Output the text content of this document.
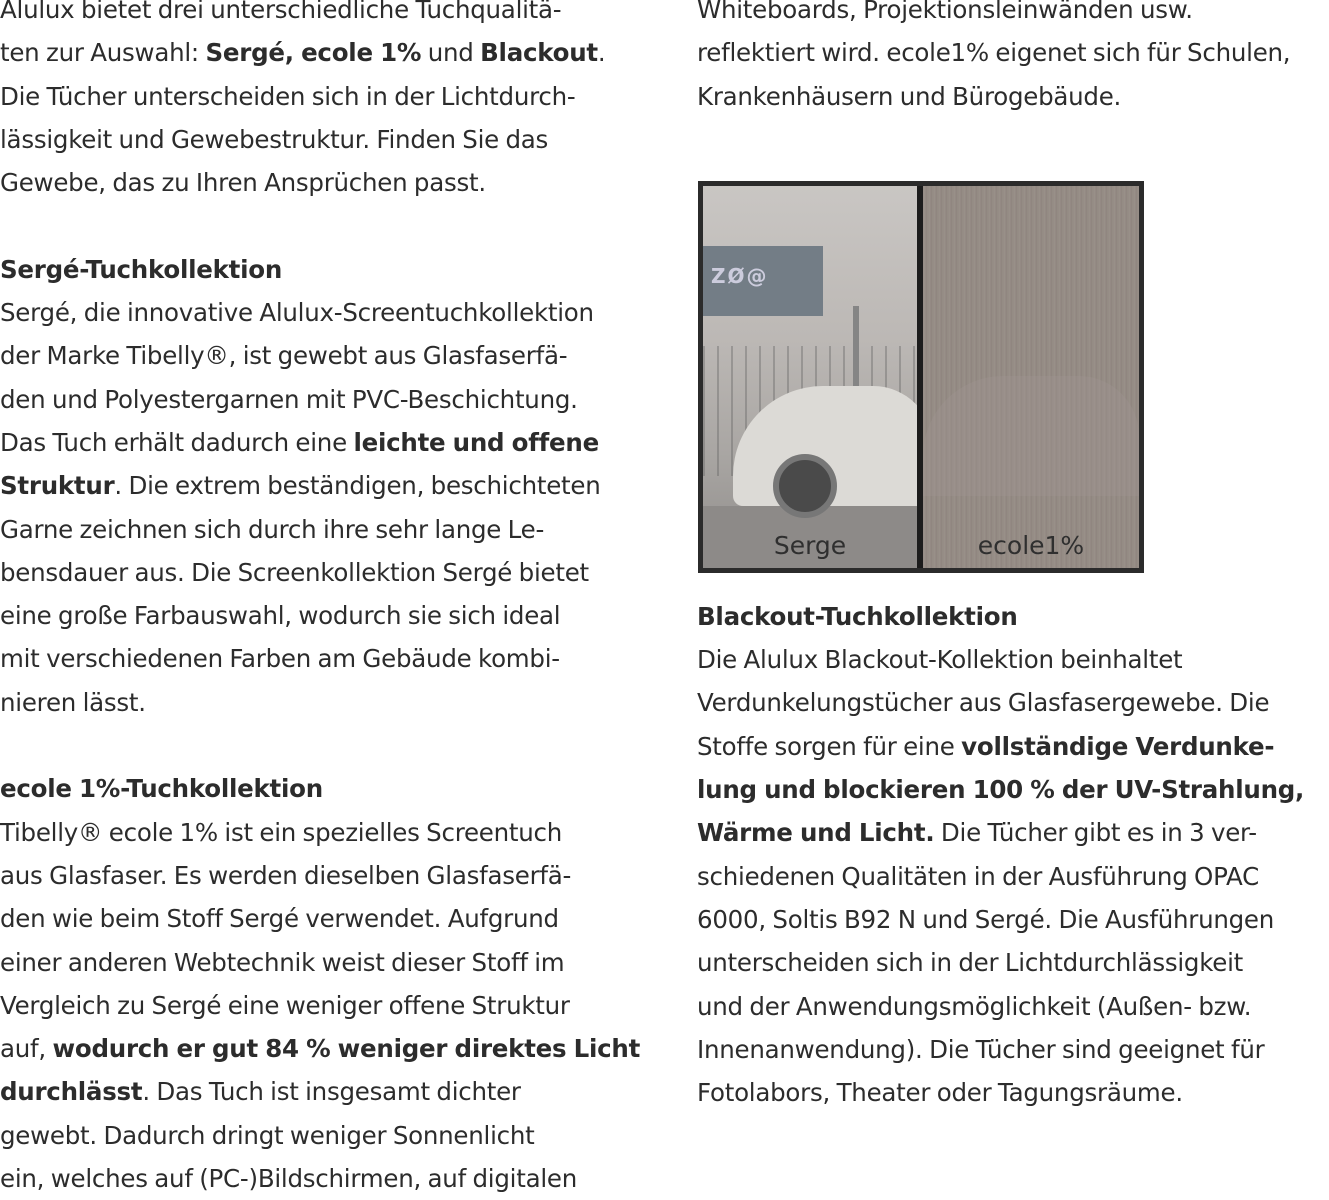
Alulux bietet drei unterschiedliche Tuchqualitä-
ten zur Auswahl: Sergé, ecole 1% und Blackout.
Die Tücher unterscheiden sich in der Lichtdurch-
lässigkeit und Gewebestruktur. Finden Sie das
Gewebe, das zu Ihren Ansprüchen passt.
Sergé-Tuchkollektion
Sergé, die innovative Alulux-Screentuchkollektion
der Marke Tibelly®, ist gewebt aus Glasfaserfä-
den und Polyestergarnen mit PVC-Beschichtung.
Das Tuch erhält dadurch eine leichte und offene
Struktur. Die extrem beständigen, beschichteten
Garne zeichnen sich durch ihre sehr lange Le-
bensdauer aus. Die Screenkollektion Sergé bietet
eine große Farbauswahl, wodurch sie sich ideal
mit verschiedenen Farben am Gebäude kombi-
nieren lässt.
ecole 1%-Tuchkollektion
Tibelly® ecole 1% ist ein spezielles Screentuch
aus Glasfaser. Es werden dieselben Glasfaserfä-
den wie beim Stoff Sergé verwendet. Aufgrund
einer anderen Webtechnik weist dieser Stoff im
Vergleich zu Sergé eine weniger offene Struktur
auf, wodurch er gut 84 % weniger direktes Licht
durchlässt. Das Tuch ist insgesamt dichter
gewebt. Dadurch dringt weniger Sonnenlicht
ein, welches auf (PC-)Bildschirmen, auf digitalen
Whiteboards, Projektionsleinwänden usw.
reflektiert wird. ecole1% eigenet sich für Schulen,
Krankenhäusern und Bürogebäude.
ZØ@
Serge	ecole1%
Blackout-Tuchkollektion
Die Alulux Blackout-Kollektion beinhaltet
Verdunkelungstücher aus Glasfasergewebe. Die
Stoffe sorgen für eine vollständige Verdunke-
lung und blockieren 100 % der UV-Strahlung,
Wärme und Licht. Die Tücher gibt es in 3 ver-
schiedenen Qualitäten in der Ausführung OPAC
6000, Soltis B92 N und Sergé. Die Ausführungen
unterscheiden sich in der Lichtdurchlässigkeit
und der Anwendungsmöglichkeit (Außen- bzw.
Innenanwendung). Die Tücher sind geeignet für
Fotolabors, Theater oder Tagungsräume.
